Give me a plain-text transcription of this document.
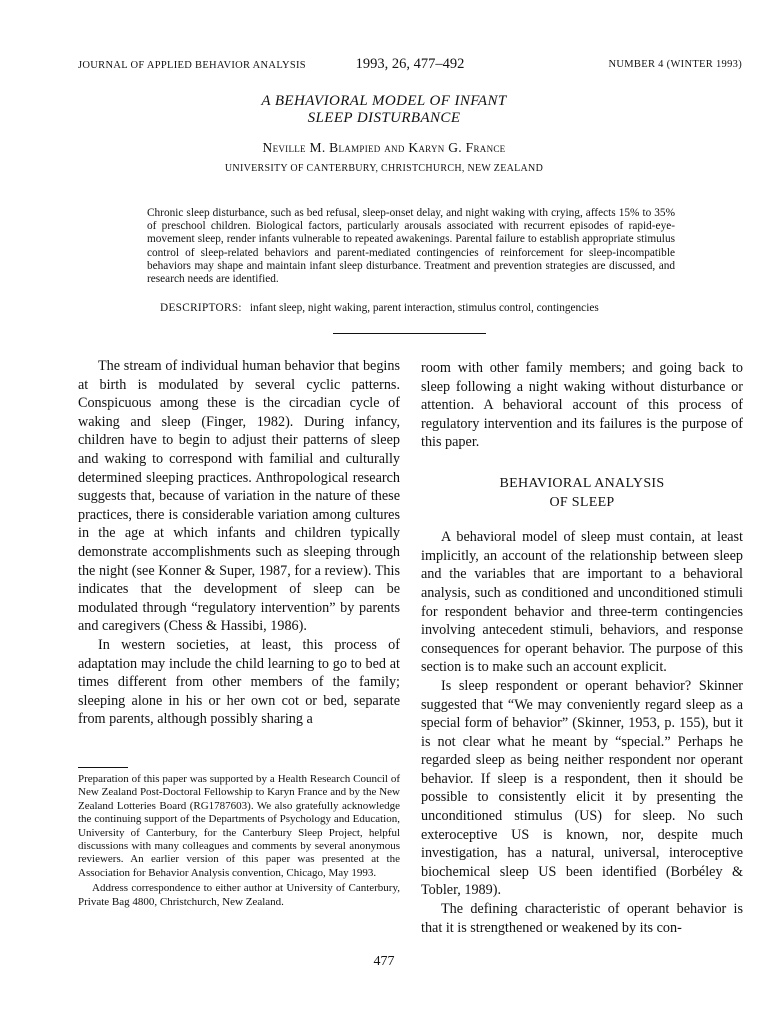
JOURNAL OF APPLIED BEHAVIOR ANALYSIS	1993, 26, 477–492	NUMBER 4 (WINTER 1993)
A BEHAVIORAL MODEL OF INFANT
SLEEP DISTURBANCE
Neville M. Blampied and Karyn G. France
UNIVERSITY OF CANTERBURY, CHRISTCHURCH, NEW ZEALAND
Chronic sleep disturbance, such as bed refusal, sleep-onset delay, and night waking with crying, affects 15% to 35% of preschool children. Biological factors, particularly arousals associated with recurrent episodes of rapid-eye-movement sleep, render infants vulnerable to repeated awakenings. Parental failure to establish appropriate stimulus control of sleep-related behaviors and parent-mediated contingencies of reinforcement for sleep-incompatible behaviors may shape and maintain infant sleep disturbance. Treatment and prevention strategies are discussed, and research needs are identified.
DESCRIPTORS: infant sleep, night waking, parent interaction, stimulus control, contingencies

The stream of individual human behavior that begins at birth is modulated by several cyclic patterns. Conspicuous among these is the circadian cycle of waking and sleep (Finger, 1982). During infancy, children have to begin to adjust their patterns of sleep and waking to correspond with familial and culturally determined sleeping practices. Anthropological research suggests that, because of variation in the nature of these practices, there is considerable variation among cultures in the age at which infants and children typically demonstrate accomplishments such as sleeping through the night (see Konner & Super, 1987, for a review). This indicates that the development of sleep can be modulated through “regulatory intervention” by parents and caregivers (Chess & Hassibi, 1986).

In western societies, at least, this process of adaptation may include the child learning to go to bed at times different from other members of the family; sleeping alone in his or her own cot or bed, separate from parents, although possibly sharing a

Preparation of this paper was supported by a Health Research Council of New Zealand Post-Doctoral Fellowship to Karyn France and by the New Zealand Lotteries Board (RG1787603). We also gratefully acknowledge the continuing support of the Departments of Psychology and Education, University of Canterbury, for the Canterbury Sleep Project, helpful discussions with many colleagues and comments by several anonymous reviewers. An earlier version of this paper was presented at the Association for Behavior Analysis convention, Chicago, May 1993.

Address correspondence to either author at University of Canterbury, Private Bag 4800, Christchurch, New Zealand.

room with other family members; and going back to sleep following a night waking without disturbance or attention. A behavioral account of this process of regulatory intervention and its failures is the purpose of this paper.

BEHAVIORAL ANALYSIS
OF SLEEP

A behavioral model of sleep must contain, at least implicitly, an account of the relationship between sleep and the variables that are important to a behavioral analysis, such as conditioned and unconditioned stimuli for respondent behavior and three-term contingencies involving antecedent stimuli, behaviors, and response consequences for operant behavior. The purpose of this section is to make such an account explicit.

Is sleep respondent or operant behavior? Skinner suggested that “We may conveniently regard sleep as a special form of behavior” (Skinner, 1953, p. 155), but it is not clear what he meant by “special.” Perhaps he regarded sleep as being neither respondent nor operant behavior. If sleep is a respondent, then it should be possible to consistently elicit it by presenting the unconditioned stimulus (US) for sleep. No such exteroceptive US is known, nor, despite much investigation, has a natural, universal, interoceptive biochemical sleep US been identified (Borbéley & Tobler, 1989).

The defining characteristic of operant behavior is that it is strengthened or weakened by its con-

477
